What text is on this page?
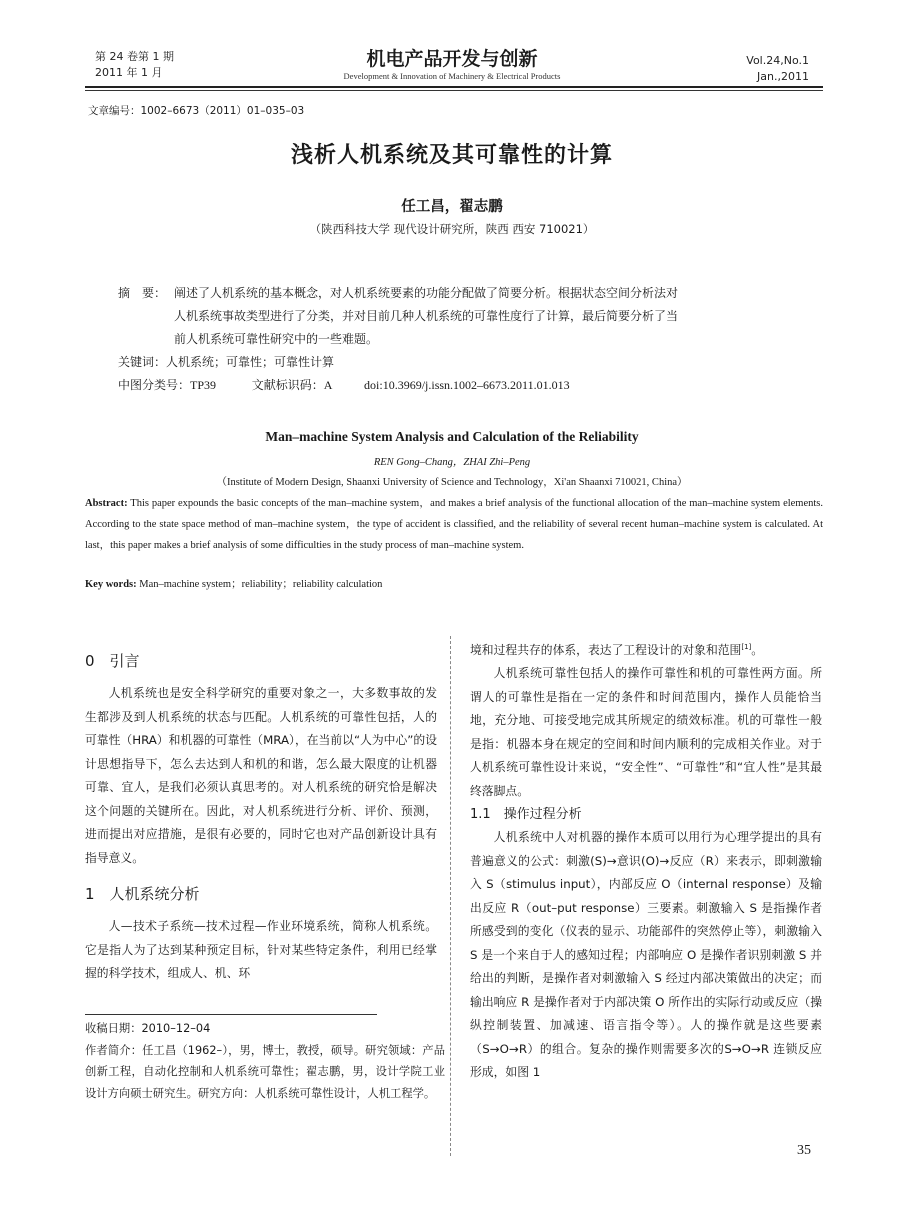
第 24 卷第 1 期
2011 年 1 月
机电产品开发与创新
Development & Innovation of Machinery & Electrical Products
Vol.24,No.1
Jan.,2011
文章编号：1002–6673（2011）01–035–03
浅析人机系统及其可靠性的计算
任工昌，翟志鹏
（陕西科技大学 现代设计研究所，陕西 西安 710021）
摘　要： 阐述了人机系统的基本概念，对人机系统要素的功能分配做了简要分析。根据状态空间分析法对
人机系统事故类型进行了分类，并对目前几种人机系统的可靠性度行了计算，最后简要分析了当
前人机系统可靠性研究中的一些难题。
关键词：人机系统；可靠性；可靠性计算
中图分类号：TP39	文献标识码：A	doi:10.3969/j.issn.1002–6673.2011.01.013
Man–machine System Analysis and Calculation of the Reliability
REN Gong–Chang，ZHAI Zhi–Peng
（Institute of Modern Design, Shaanxi University of Science and Technology，Xi'an Shaanxi 710021, China）
Abstract: This paper expounds the basic concepts of the man–machine system，and makes a brief analysis of the functional allocation of the man–machine system elements. According to the state space method of man–machine system，the type of accident is classified, and the reliability of several recent human–machine system is calculated. At last，this paper makes a brief analysis of some difficulties in the study process of man–machine system.
Key words: Man–machine system；reliability；reliability calculation
0　引言

人机系统也是安全科学研究的重要对象之一，大多数事故的发生都涉及到人机系统的状态与匹配。人机系统的可靠性包括，人的可靠性（HRA）和机器的可靠性（MRA），在当前以“人为中心”的设计思想指导下，怎么去达到人和机的和谐，怎么最大限度的让机器可靠、宜人，是我们必须认真思考的。对人机系统的研究恰是解决这个问题的关键所在。因此，对人机系统进行分析、评价、预测，进而提出对应措施，是很有必要的，同时它也对产品创新设计具有指导意义。

1　人机系统分析

人—技术子系统—技术过程—作业环境系统，简称人机系统。它是指人为了达到某种预定目标，针对某些特定条件，利用已经掌握的科学技术，组成人、机、环

收稿日期：2010–12–04
作者简介：任工昌（1962–），男，博士，教授，硕导。研究领域：产品创新工程，自动化控制和人机系统可靠性；翟志鹏，男，设计学院工业设计方向硕士研究生。研究方向：人机系统可靠性设计，人机工程学。
境和过程共存的体系，表达了工程设计的对象和范围[1]。

人机系统可靠性包括人的操作可靠性和机的可靠性两方面。所谓人的可靠性是指在一定的条件和时间范围内，操作人员能恰当地，充分地、可接受地完成其所规定的绩效标准。机的可靠性一般是指：机器本身在规定的空间和时间内顺利的完成相关作业。对于人机系统可靠性设计来说，“安全性”、“可靠性”和“宜人性”是其最终落脚点。

1.1　操作过程分析

人机系统中人对机器的操作本质可以用行为心理学提出的具有普遍意义的公式：刺激(S)→意识(O)→反应（R）来表示，即刺激输入 S（stimulus input），内部反应 O（internal response）及输出反应 R（out–put response）三要素。刺激输入 S 是指操作者所感受到的变化（仪表的显示、功能部件的突然停止等），刺激输入 S 是一个来自于人的感知过程；内部响应 O 是操作者识别刺激 S 并给出的判断，是操作者对刺激输入 S 经过内部决策做出的决定；而输出响应 R 是操作者对于内部决策 O 所作出的实际行动或反应（操纵控制装置、加减速、语言指令等）。人的操作就是这些要素（S→O→R）的组合。复杂的操作则需要多次的S→O→R 连锁反应形成，如图 1

35
